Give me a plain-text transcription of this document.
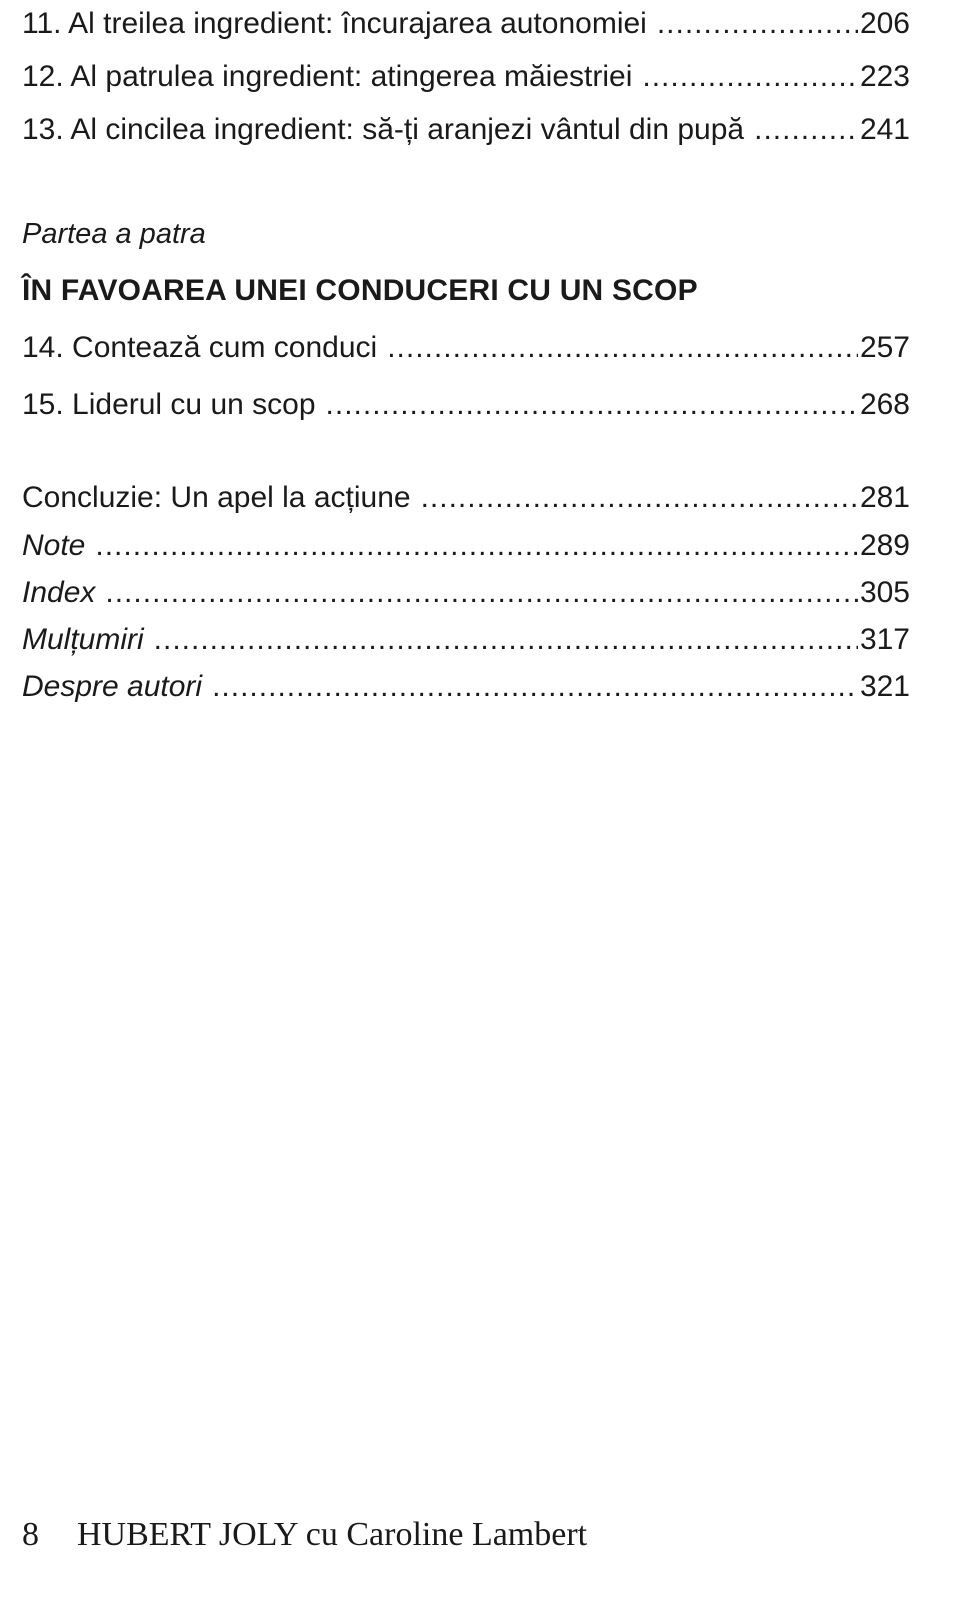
11. Al treilea ingredient: încurajarea autonomiei .....	206
12. Al patrulea ingredient: atingerea măiestriei .....	223
13. Al cincilea ingredient: să-ți aranjezi vântul din pupă .....	241
Partea a patra
ÎN FAVOAREA UNEI CONDUCERI CU UN SCOP
14. Contează cum conduci .....	257
15. Liderul cu un scop .....	268
Concluzie: Un apel la acțiune .....	281
Note .....	289
Index .....	305
Mulțumiri .....	317
Despre autori .....	321
8 HUBERT JOLY cu Caroline Lambert
